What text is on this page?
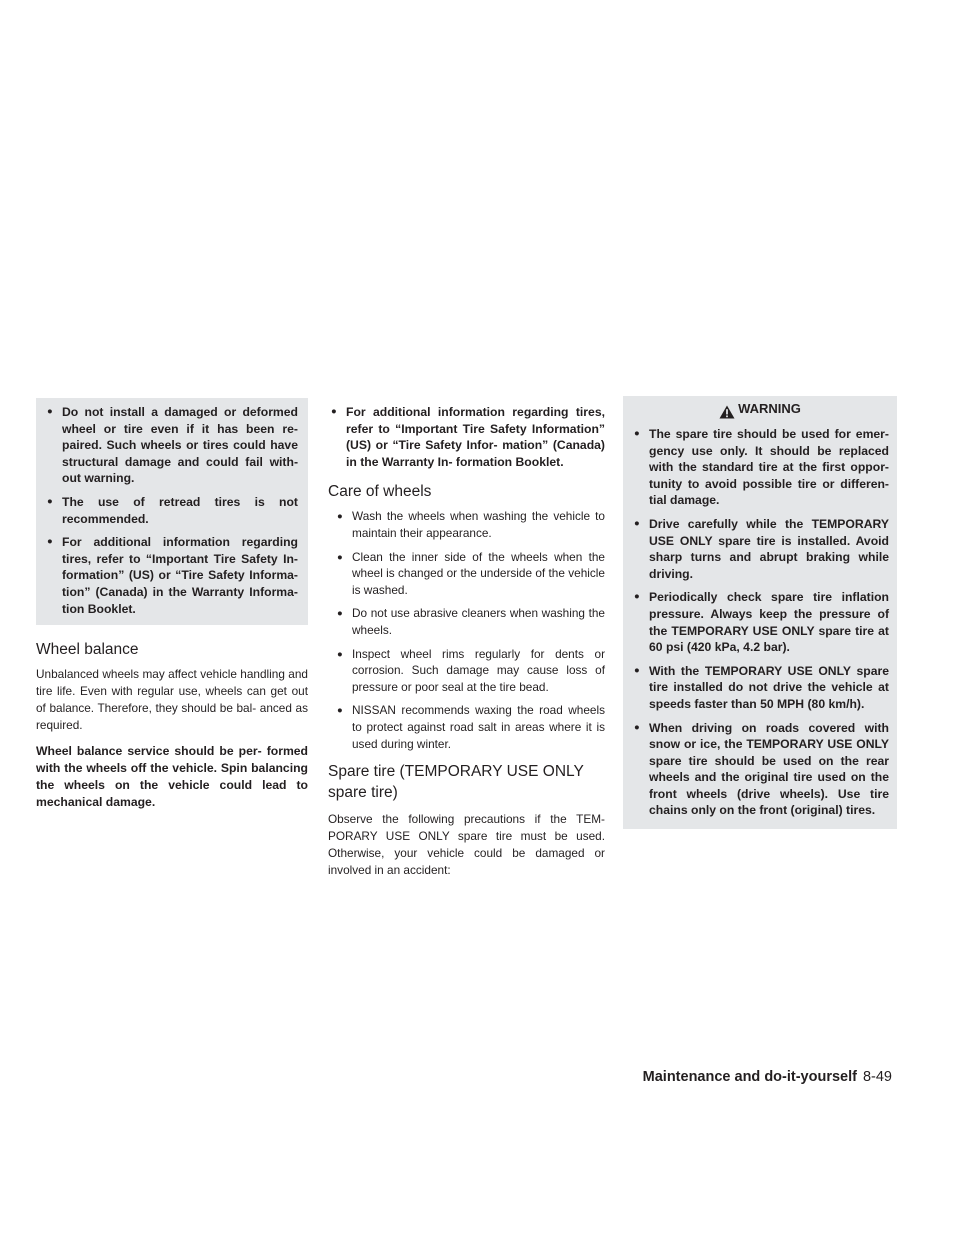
● Do not install a damaged or deformed wheel or tire even if it has been re- paired. Such wheels or tires could have structural damage and could fail with- out warning.
● The use of retread tires is not recommended.
● For additional information regarding tires, refer to “Important Tire Safety In- formation” (US) or “Tire Safety Informa- tion” (Canada) in the Warranty Informa- tion Booklet.
Wheel balance

Unbalanced wheels may affect vehicle handling and tire life. Even with regular use, wheels can get out of balance. Therefore, they should be bal- anced as required.

Wheel balance service should be per- formed with the wheels off the vehicle. Spin balancing the wheels on the vehicle could lead to mechanical damage.

● For additional information regarding tires, refer to “Important Tire Safety Information” (US) or “Tire Safety Infor- mation” (Canada) in the Warranty In- formation Booklet.
Care of wheels
● Wash the wheels when washing the vehicle to maintain their appearance.
● Clean the inner side of the wheels when the wheel is changed or the underside of the vehicle is washed.
● Do not use abrasive cleaners when washing the wheels.
● Inspect wheel rims regularly for dents or corrosion. Such damage may cause loss of pressure or poor seal at the tire bead.
● NISSAN recommends waxing the road wheels to protect against road salt in areas where it is used during winter.
Spare tire (TEMPORARY USE ONLY
spare tire)

Observe the following precautions if the TEM- PORARY USE ONLY spare tire must be used. Otherwise, your vehicle could be damaged or involved in an accident:

WARNING
● The spare tire should be used for emer- gency use only. It should be replaced with the standard tire at the first oppor- tunity to avoid possible tire or differen- tial damage.
● Drive carefully while the TEMPORARY USE ONLY spare tire is installed. Avoid sharp turns and abrupt braking while driving.
● Periodically check spare tire inflation pressure. Always keep the pressure of the TEMPORARY USE ONLY spare tire at 60 psi (420 kPa, 4.2 bar).
● With the TEMPORARY USE ONLY spare tire installed do not drive the vehicle at speeds faster than 50 MPH (80 km/h).
● When driving on roads covered with snow or ice, the TEMPORARY USE ONLY spare tire should be used on the rear wheels and the original tire used on the front wheels (drive wheels). Use tire chains only on the front (original) tires.
Maintenance and do-it-yourself 8-49
